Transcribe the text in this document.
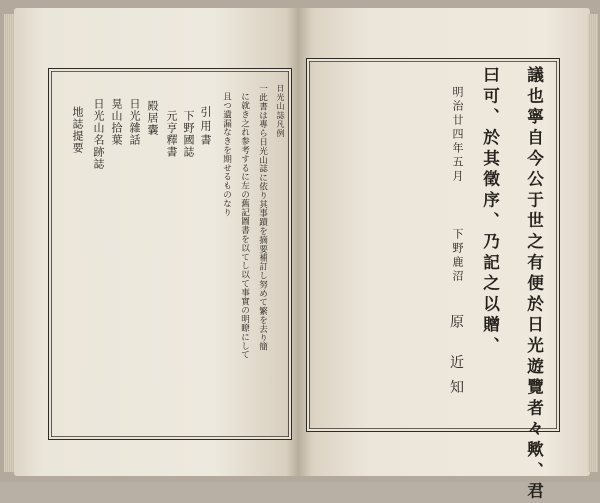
日光山誌凡例
一此書は專ら日光山誌に依り其事蹟を摘要補訂し努めて繁を去り簡
に就き之れ参考するに左の舊記圖書を以てし以て事實の明瞭にして
且つ遺漏なきを期せるものなり
引用書
下野國誌
元亨釋書
殿居囊
日光雜話
晃山拾葉
日光山名跡誌
地誌提要	議也寧自今公于世之有便於日光遊覽者々歟、君
曰可、於其徵序、乃記之以贈、
明治廿四年五月
下野鹿沼
原 近知
